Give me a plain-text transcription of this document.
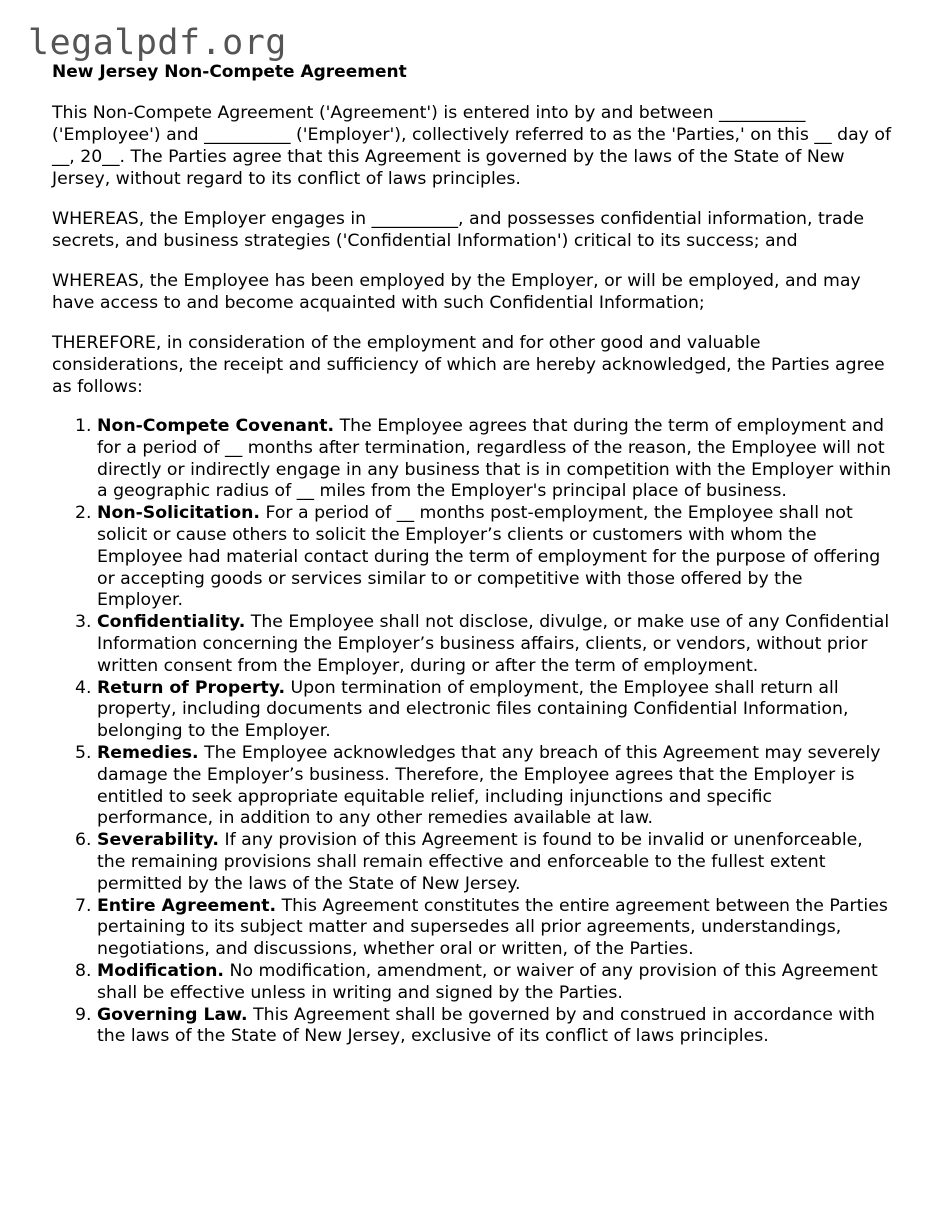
legalpdf.org
New Jersey Non-Compete Agreement

This Non-Compete Agreement ('Agreement') is entered into by and between __________ ('Employee') and __________ ('Employer'), collectively referred to as the 'Parties,' on this __ day of __, 20__. The Parties agree that this Agreement is governed by the laws of the State of New Jersey, without regard to its conflict of laws principles.

WHEREAS, the Employer engages in __________, and possesses confidential information, trade secrets, and business strategies ('Confidential Information') critical to its success; and

WHEREAS, the Employee has been employed by the Employer, or will be employed, and may have access to and become acquainted with such Confidential Information;

THEREFORE, in consideration of the employment and for other good and valuable considerations, the receipt and sufficiency of which are hereby acknowledged, the Parties agree as follows:

1. Non-Compete Covenant. The Employee agrees that during the term of employment and for a period of __ months after termination, regardless of the reason, the Employee will not directly or indirectly engage in any business that is in competition with the Employer within a geographic radius of __ miles from the Employer's principal place of business.
2. Non-Solicitation. For a period of __ months post-employment, the Employee shall not solicit or cause others to solicit the Employer’s clients or customers with whom the Employee had material contact during the term of employment for the purpose of offering or accepting goods or services similar to or competitive with those offered by the Employer.
3. Confidentiality. The Employee shall not disclose, divulge, or make use of any Confidential Information concerning the Employer’s business affairs, clients, or vendors, without prior written consent from the Employer, during or after the term of employment.
4. Return of Property. Upon termination of employment, the Employee shall return all property, including documents and electronic files containing Confidential Information, belonging to the Employer.
5. Remedies. The Employee acknowledges that any breach of this Agreement may severely damage the Employer’s business. Therefore, the Employee agrees that the Employer is entitled to seek appropriate equitable relief, including injunctions and specific performance, in addition to any other remedies available at law.
6. Severability. If any provision of this Agreement is found to be invalid or unenforceable, the remaining provisions shall remain effective and enforceable to the fullest extent permitted by the laws of the State of New Jersey.
7. Entire Agreement. This Agreement constitutes the entire agreement between the Parties pertaining to its subject matter and supersedes all prior agreements, understandings, negotiations, and discussions, whether oral or written, of the Parties.
8. Modification. No modification, amendment, or waiver of any provision of this Agreement shall be effective unless in writing and signed by the Parties.
9. Governing Law. This Agreement shall be governed by and construed in accordance with the laws of the State of New Jersey, exclusive of its conflict of laws principles.
